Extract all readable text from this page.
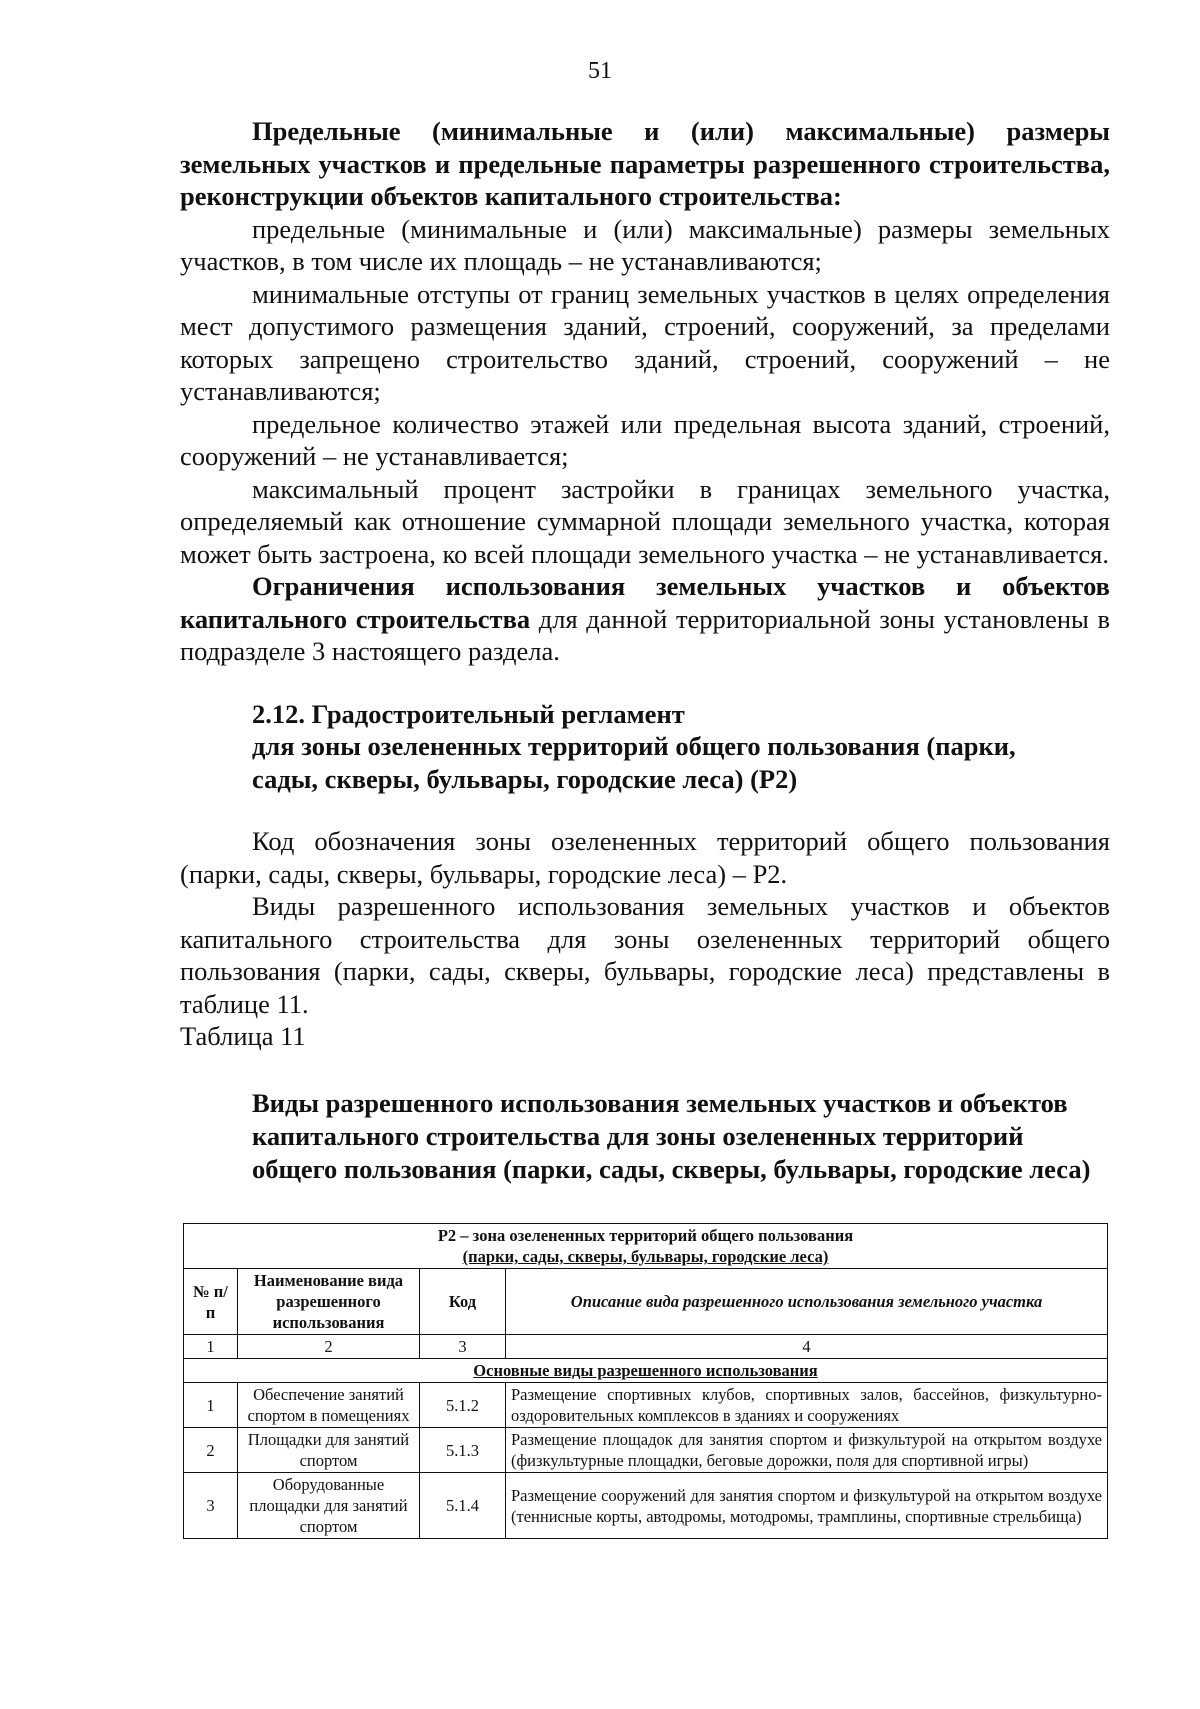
51

Предельные (минимальные и (или) максимальные) размеры земельных участков и предельные параметры разрешенного строительства, реконструкции объектов капитального строительства:

предельные (минимальные и (или) максимальные) размеры земельных участков, в том числе их площадь – не устанавливаются;

минимальные отступы от границ земельных участков в целях определения мест допустимого размещения зданий, строений, сооружений, за пределами которых запрещено строительство зданий, строений, сооружений – не устанавливаются;

предельное количество этажей или предельная высота зданий, строений, сооружений – не устанавливается;

максимальный процент застройки в границах земельного участка, определяемый как отношение суммарной площади земельного участка, которая может быть застроена, ко всей площади земельного участка – не устанавливается.

Ограничения использования земельных участков и объектов капитального строительства для данной территориальной зоны установлены в подразделе 3 настоящего раздела.

2.12. Градостроительный регламент

для зоны озелененных территорий общего пользования (парки,

сады, скверы, бульвары, городские леса) (Р2)

Код обозначения зоны озелененных территорий общего пользования (парки, сады, скверы, бульвары, городские леса) – Р2.

Виды разрешенного использования земельных участков и объектов капитального строительства для зоны озелененных территорий общего пользования (парки, сады, скверы, бульвары, городские леса) представлены в таблице 11.

Таблица 11

Виды разрешенного использования земельных участков и объектов

капитального строительства для зоны озелененных территорий

общего пользования (парки, сады, скверы, бульвары, городские леса)

Р2 – зона озелененных территорий общего пользования
(парки, сады, скверы, бульвары, городские леса)			

№ п/п	Наименование вида разрешенного использования	Код	Описание вида разрешенного использования земельного участка
1	2	3	4
Основные виды разрешенного использования			
1	Обеспечение занятий спортом в помещениях	5.1.2	Размещение спортивных клубов, спортивных залов, бассейнов, физкультурно-оздоровительных комплексов в зданиях и сооружениях
2	Площадки для занятий спортом	5.1.3	Размещение площадок для занятия спортом и физкультурой на открытом воздухе (физкультурные площадки, беговые дорожки, поля для спортивной игры)
3	Оборудованные площадки для занятий спортом	5.1.4	Размещение сооружений для занятия спортом и физкультурой на открытом воздухе (теннисные корты, автодромы, мотодромы, трамплины, спортивные стрельбища)
